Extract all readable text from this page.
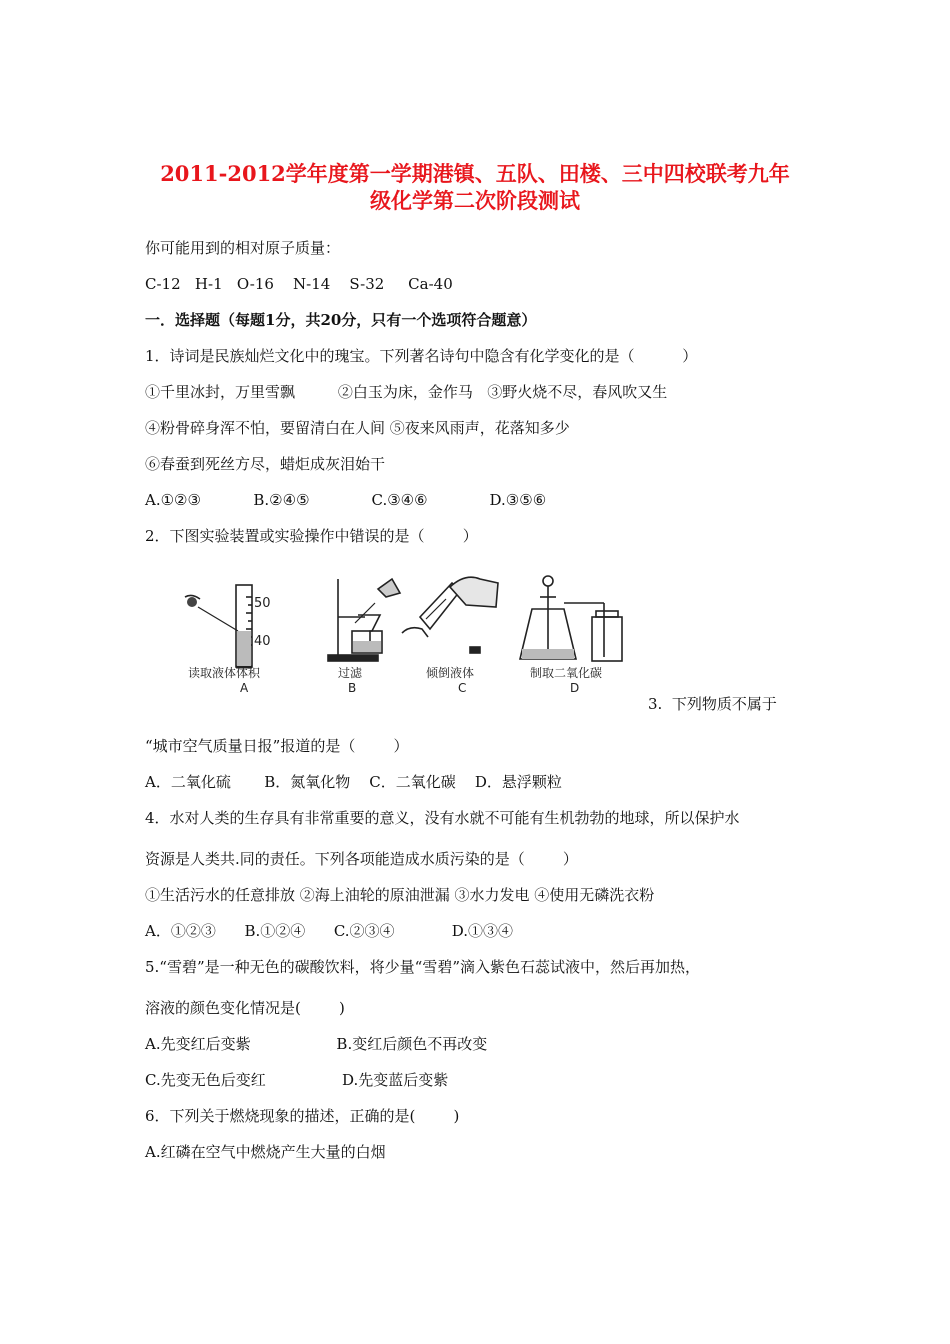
2011-2012学年度第一学期港镇、五队、田楼、三中四校联考九年
级化学第二次阶段测试
你可能用到的相对原子质量：
C-12   H-1   O-16    N-14    S-32     Ca-40
一．选择题（每题1分，共20分，只有一个选项符合题意）
1．诗词是民族灿烂文化中的瑰宝。下列著名诗句中隐含有化学变化的是（          ）
①千里冰封，万里雪飘         ②白玉为床，金作马   ③野火烧不尽，春风吹又生
④粉骨碎身浑不怕，要留清白在人间 ⑤夜来风雨声，花落知多少
⑥春蚕到死丝方尽，蜡炬成灰泪始干
A.①②③           B.②④⑤             C.③④⑥             D.③⑤⑥
2．下图实验装置或实验操作中错误的是（        ）
50
40
读取液体体积	过滤	倾倒液体	制取二氧化碳
A	B	C	D
3.  下列物质不属于
“城市空气质量日报”报道的是（        ）
A．二氧化硫       B．氮氧化物    C．二氧化碳    D．悬浮颗粒
4．水对人类的生存具有非常重要的意义，没有水就不可能有生机勃勃的地球，所以保护水
资源是人类共.同的责任。下列各项能造成水质污染的是（        ）
①生活污水的任意排放 ②海上油轮的原油泄漏 ③水力发电 ④使用无磷洗衣粉
A．①②③      B.①②④      C.②③④            D.①③④
5.“雪碧”是一种无色的碳酸饮料，将少量“雪碧”滴入紫色石蕊试液中，然后再加热，
溶液的颜色变化情况是(        )
A.先变红后变紫                  B.变红后颜色不再改变
C.先变无色后变红                D.先变蓝后变紫
6．下列关于燃烧现象的描述，正确的是(        )
A.红磷在空气中燃烧产生大量的白烟
